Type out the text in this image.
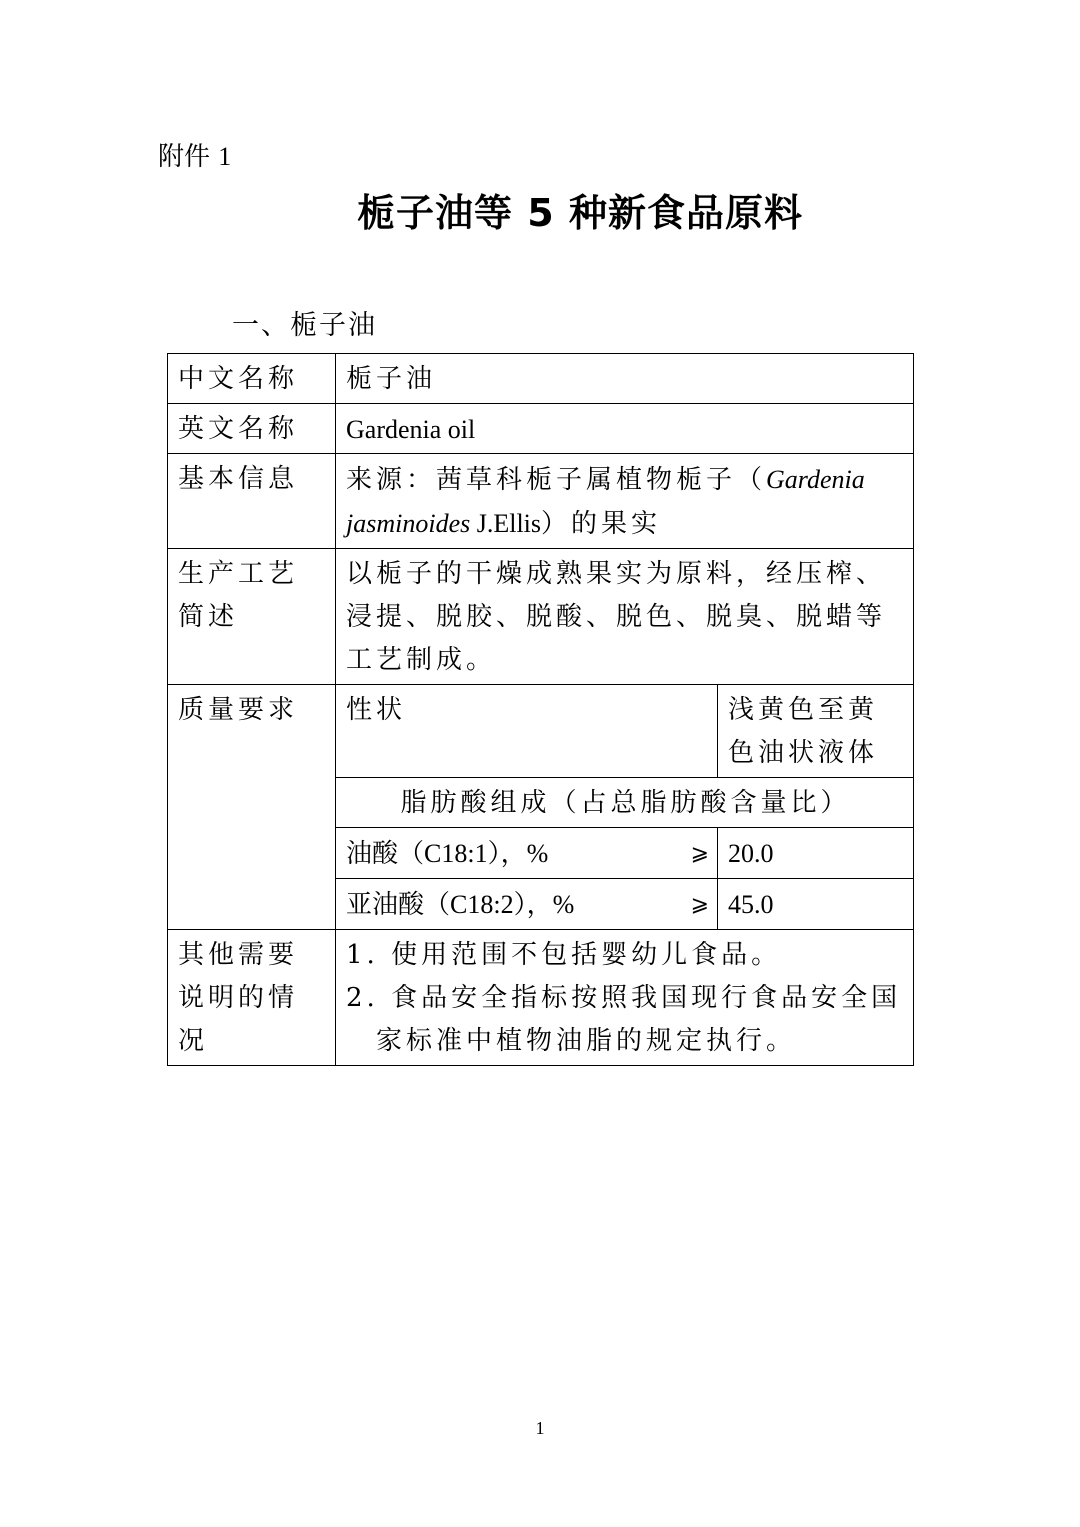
附件 1
栀子油等 5 种新食品原料
一、栀子油
中文名称	栀子油	
英文名称	Gardenia oil	
基本信息	来源：茜草科栀子属植物栀子（Gardenia jasminoides J.Ellis）的果实	
生产工艺简述	以栀子的干燥成熟果实为原料，经压榨、浸提、脱胶、脱酸、脱色、脱臭、脱蜡等工艺制成。	
质量要求	性状	浅黄色至黄色油状液体
	脂肪酸组成（占总脂肪酸含量比）	
	油酸（C18:1），% ⩾	20.0
	亚油酸（C18:2），% ⩾	45.0
其他需要说明的情况	1. 使用范围不包括婴幼儿食品。
2. 食品安全指标按照我国现行食品安全国家标准中植物油脂的规定执行。	
1
